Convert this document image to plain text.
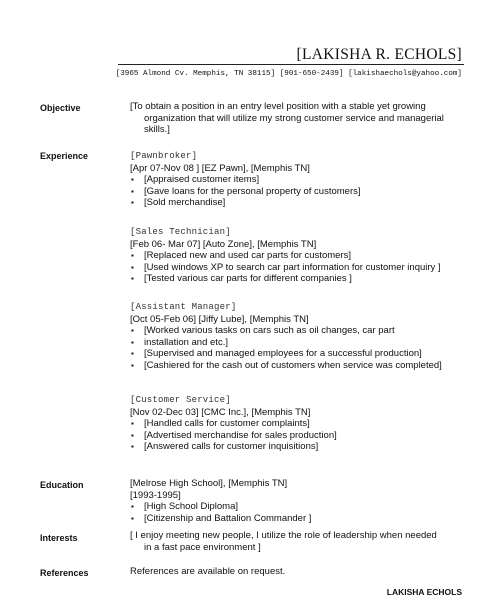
[LAKISHA R. ECHOLS]
[3965 Almond Cv. Memphis, TN 38115] [901-650-2439] [lakishaechols@yahoo.com]
Objective	[To obtain a position in an entry level position with a stable yet growing
organization that will utilize my strong customer service and managerial
skills.]
Experience	[Pawnbroker]
[Apr 07-Nov 08 ] [EZ Pawn], [Memphis TN]
▪ [Appraised customer items]
▪ [Gave loans for the personal property of customers]
▪ [Sold merchandise]
[Sales Technician]
[Feb 06- Mar 07] [Auto Zone], [Memphis TN]
▪ [Replaced new and used car parts for customers]
▪ [Used windows XP to search car part information for customer inquiry ]
▪ [Tested various car parts for different companies ]
[Assistant Manager]
[Oct 05-Feb 06] [Jiffy Lube], [Memphis TN]
▪ [Worked various tasks on cars such as oil changes, car part
▪ installation and etc.]
▪ [Supervised and managed employees for a successful production]
▪ [Cashiered for the cash out of customers when service was completed]
[Customer Service]
[Nov 02-Dec 03] [CMC Inc.], [Memphis TN]
▪ [Handled calls for customer complaints]
▪ [Advertised merchandise for sales production]
▪ [Answered calls for customer inquisitions]
Education	[Melrose High School], [Memphis TN]
[1993-1995]
▪ [High School Diploma]
▪ [Citizenship and Battalion Commander ]
Interests	[ I enjoy meeting new people, I utilize the role of leadership when needed
in a fast pace environment ]
References	References are available on request.
LAKISHA ECHOLS
